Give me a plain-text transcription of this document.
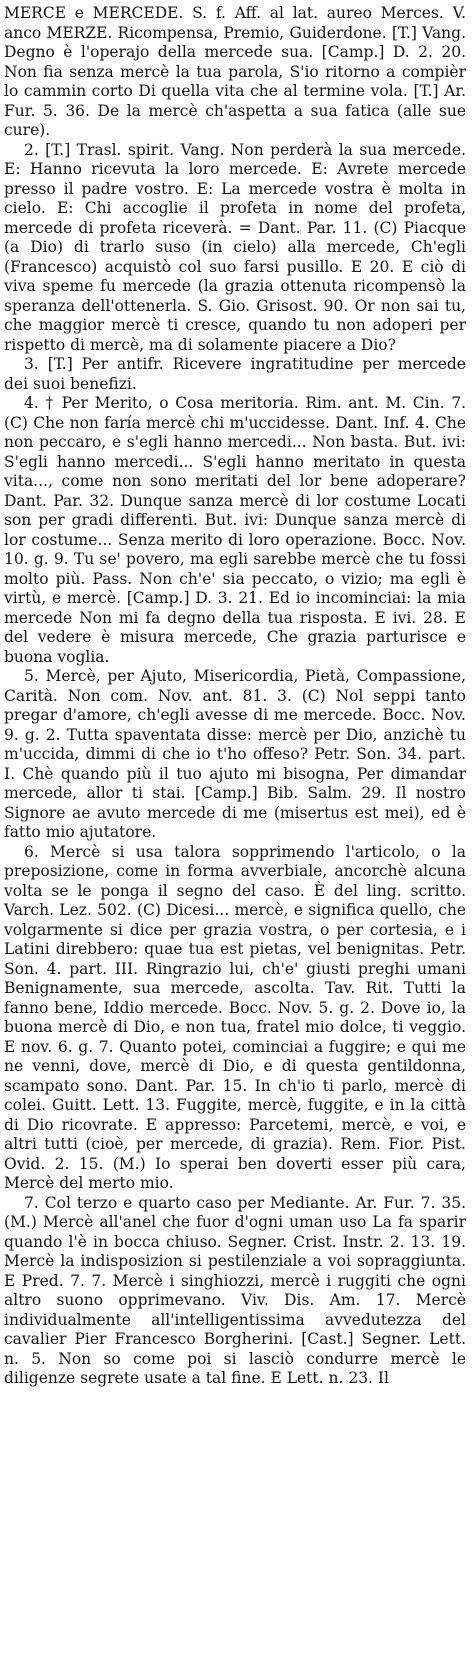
MERCE e MERCEDE. S. f. Aff. al lat. aureo Merces. V. anco MERZE. Ricompensa, Premio, Guiderdone. [T.] Vang. Degno è l'operajo della mercede sua. [Camp.] D. 2. 20. Non fia senza mercè la tua parola, S'io ritorno a compièr lo cammin corto Di quella vita che al termine vola. [T.] Ar. Fur. 5. 36. De la mercè ch'aspetta a sua fatica (alle sue cure).

2. [T.] Trasl. spirit. Vang. Non perderà la sua mercede. E: Hanno ricevuta la loro mercede. E: Avrete mercede presso il padre vostro. E: La mercede vostra è molta in cielo. E: Chi accoglie il profeta in nome del profeta, mercede di profeta riceverà. = Dant. Par. 11. (C) Piacque (a Dio) di trarlo suso (in cielo) alla mercede, Ch'egli (Francesco) acquistò col suo farsi pusillo. E 20. E ciò di viva speme fu mercede (la grazia ottenuta ricompensò la speranza dell'ottenerla. S. Gio. Grisost. 90. Or non sai tu, che maggior mercè ti cresce, quando tu non adoperi per rispetto di mercè, ma di solamente piacere a Dio?

3. [T.] Per antifr. Ricevere ingratitudine per mercede dei suoi benefizi.

4. † Per Merito, o Cosa meritoria. Rim. ant. M. Cin. 7. (C) Che non faría mercè chi m'uccidesse. Dant. Inf. 4. Che non peccaro, e s'egli hanno mercedi... Non basta. But. ivi: S'egli hanno mercedi... S'egli hanno meritato in questa vita..., come non sono meritati del lor bene adoperare? Dant. Par. 32. Dunque sanza mercè di lor costume Locati son per gradi differenti. But. ivi: Dunque sanza mercè di lor costume... Senza merito di loro operazione. Bocc. Nov. 10. g. 9. Tu se' povero, ma egli sarebbe mercè che tu fossi molto più. Pass. Non ch'e' sia peccato, o vizio; ma egli è virtù, e mercè. [Camp.] D. 3. 21. Ed io incominciai: la mia mercede Non mi fa degno della tua risposta. E ivi. 28. E del vedere è misura mercede, Che grazia parturisce e buona voglia.

5. Mercè, per Ajuto, Misericordia, Pietà, Compassione, Carità. Non com. Nov. ant. 81. 3. (C) Nol seppi tanto pregar d'amore, ch'egli avesse di me mercede. Bocc. Nov. 9. g. 2. Tutta spaventata disse: mercè per Dio, anzichè tu m'uccida, dimmi di che io t'ho offeso? Petr. Son. 34. part. I. Chè quando più il tuo ajuto mi bisogna, Per dimandar mercede, allor ti stai. [Camp.] Bib. Salm. 29. Il nostro Signore ae avuto mercede di me (misertus est mei), ed è fatto mio ajutatore.

6. Mercè si usa talora sopprimendo l'articolo, o la preposizione, come in forma avverbiale, ancorchè alcuna volta se le ponga il segno del caso. È del ling. scritto. Varch. Lez. 502. (C) Dicesi... mercè, e significa quello, che volgarmente si dice per grazia vostra, o per cortesia, e i Latini direbbero: quae tua est pietas, vel benignitas. Petr. Son. 4. part. III. Ringrazio lui, ch'e' giusti preghi umani Benignamente, sua mercede, ascolta. Tav. Rit. Tutti la fanno bene, Iddio mercede. Bocc. Nov. 5. g. 2. Dove io, la buona mercè di Dio, e non tua, fratel mio dolce, ti veggio. E nov. 6. g. 7. Quanto potei, cominciai a fuggire; e qui me ne venni, dove, mercè di Dio, e di questa gentildonna, scampato sono. Dant. Par. 15. In ch'io ti parlo, mercè di colei. Guitt. Lett. 13. Fuggite, mercè, fuggite, e in la città di Dio ricovrate. E appresso: Parcetemi, mercè, e voi, e altri tutti (cioè, per mercede, di grazia). Rem. Fior. Pist. Ovid. 2. 15. (M.) Io sperai ben doverti esser più cara, Mercè del merto mio.

7. Col terzo e quarto caso per Mediante. Ar. Fur. 7. 35. (M.) Mercè all'anel che fuor d'ogni uman uso La fa sparir quando l'è in bocca chiuso. Segner. Crist. Instr. 2. 13. 19. Mercè la indisposizion si pestilenziale a voi sopraggiunta. E Pred. 7. 7. Mercè i singhiozzi, mercè i ruggiti che ogni altro suono opprimevano. Viv. Dis. Am. 17. Mercè individualmente all'intelligentissima avvedutezza del cavalier Pier Francesco Borgherini. [Cast.] Segner. Lett. n. 5. Non so come poi si lasciò condurre mercè le diligenze segrete usate a tal fine. E Lett. n. 23. Il
